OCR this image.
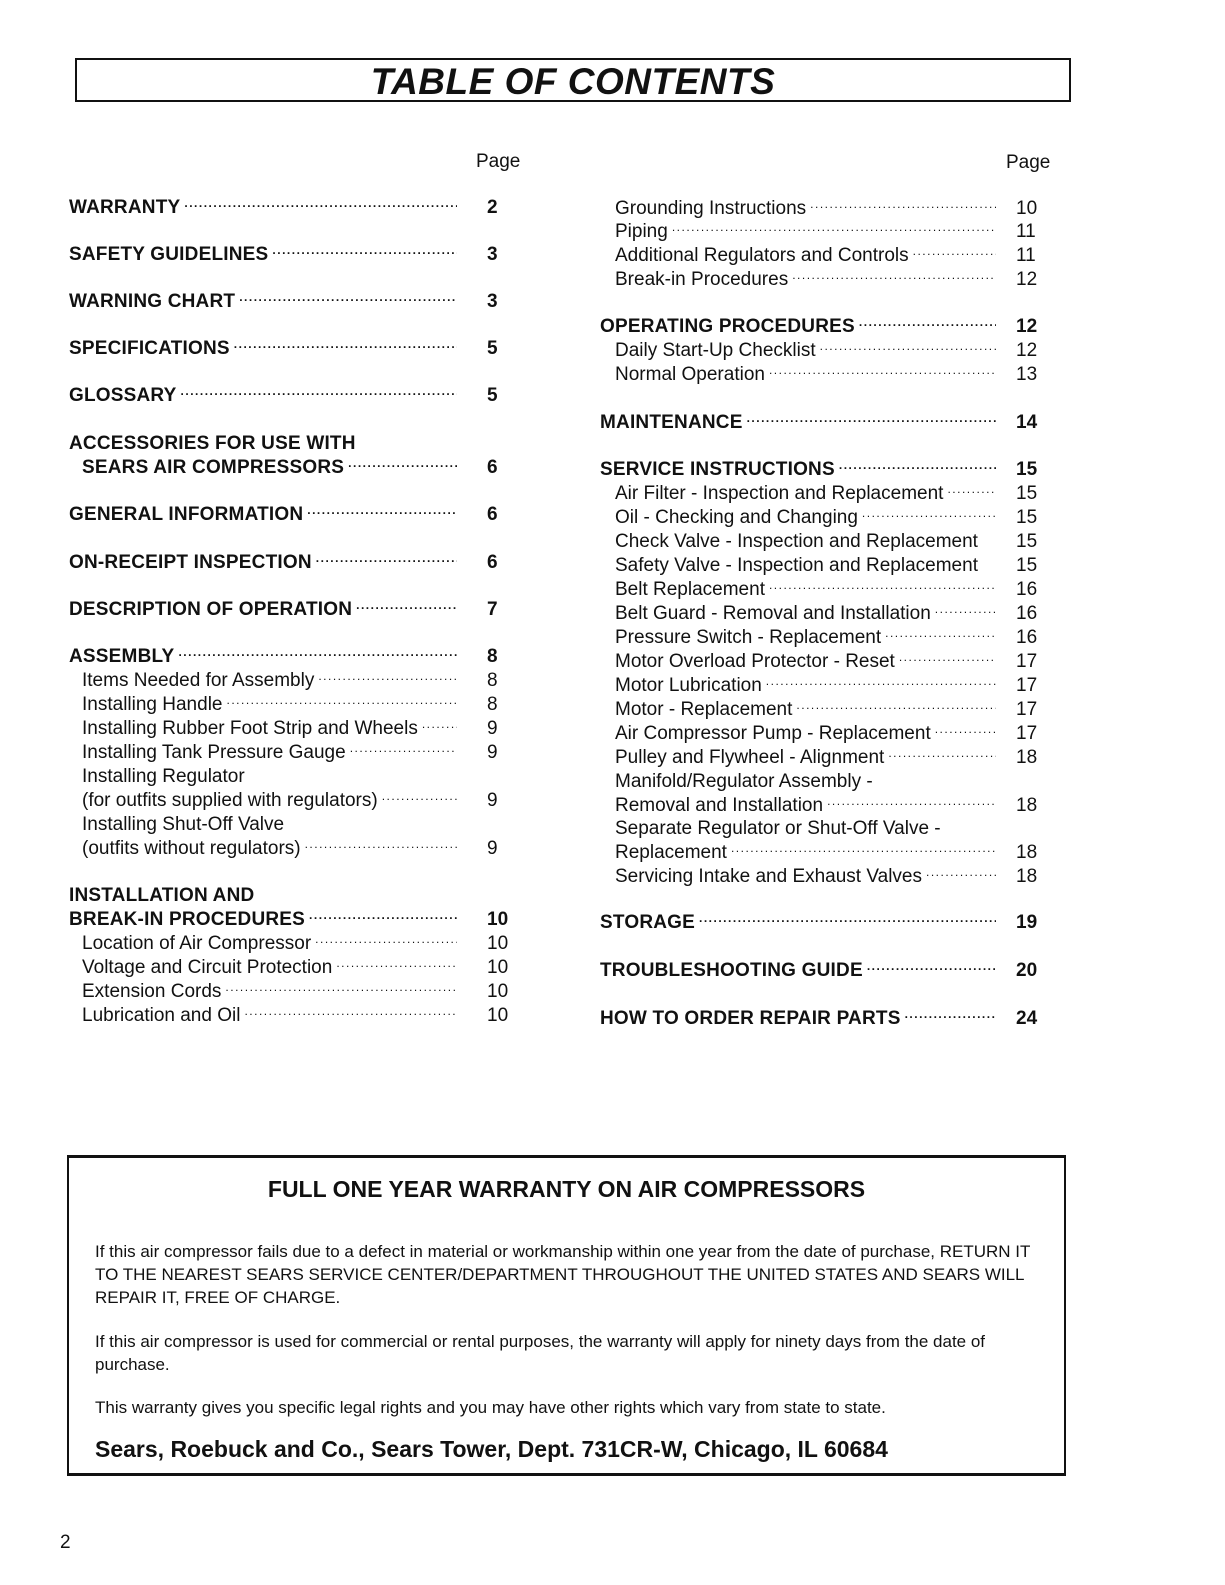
TABLE OF CONTENTS
Page	Page
WARRANTY .....	2
SAFETY GUIDELINES .....	3
WARNING CHART .....	3
SPECIFICATIONS .....	5
GLOSSARY .....	5
ACCESSORIES FOR USE WITH
SEARS AIR COMPRESSORS .....	6
GENERAL INFORMATION .....	6
ON-RECEIPT INSPECTION .....	6
DESCRIPTION OF OPERATION .....	7
ASSEMBLY .....	8
Items Needed for Assembly .....	8
Installing Handle .....	8
Installing Rubber Foot Strip and Wheels .....	9
Installing Tank Pressure Gauge .....	9
Installing Regulator
(for outfits supplied with regulators) .....	9
Installing Shut-Off Valve
(outfits without regulators) .....	9
INSTALLATION AND
BREAK-IN PROCEDURES .....	10
Location of Air Compressor .....	10
Voltage and Circuit Protection .....	10
Extension Cords .....	10
Lubrication and Oil .....	10
Grounding Instructions .....	10
Piping .....	11
Additional Regulators and Controls .....	11
Break-in Procedures .....	12
OPERATING PROCEDURES .....	12
Daily Start-Up Checklist .....	12
Normal Operation .....	13
MAINTENANCE .....	14
SERVICE INSTRUCTIONS .....	15
Air Filter - Inspection and Replacement .....	15
Oil - Checking and Changing .....	15
Check Valve - Inspection and Replacement 15
Safety Valve - Inspection and Replacement 15
Belt Replacement .....	16
Belt Guard - Removal and Installation .....	16
Pressure Switch - Replacement .....	16
Motor Overload Protector - Reset .....	17
Motor Lubrication .....	17
Motor - Replacement .....	17
Air Compressor Pump - Replacement .....	17
Pulley and Flywheel - Alignment .....	18
Manifold/Regulator Assembly -
Removal and Installation .....	18
Separate Regulator or Shut-Off Valve -
Replacement .....	18
Servicing Intake and Exhaust Valves .....	18
STORAGE .....	19
TROUBLESHOOTING GUIDE .....	20
HOW TO ORDER REPAIR PARTS .....	24
FULL ONE YEAR WARRANTY ON AIR COMPRESSORS
If this air compressor fails due to a defect in material or workmanship within one year from the date of purchase, RETURN IT TO THE NEAREST SEARS SERVICE CENTER/DEPARTMENT THROUGHOUT THE UNITED STATES AND SEARS WILL REPAIR IT, FREE OF CHARGE.
If this air compressor is used for commercial or rental purposes, the warranty will apply for ninety days from the date of purchase.
This warranty gives you specific legal rights and you may have other rights which vary from state to state.
Sears, Roebuck and Co., Sears Tower, Dept. 731CR-W, Chicago, IL 60684
2
